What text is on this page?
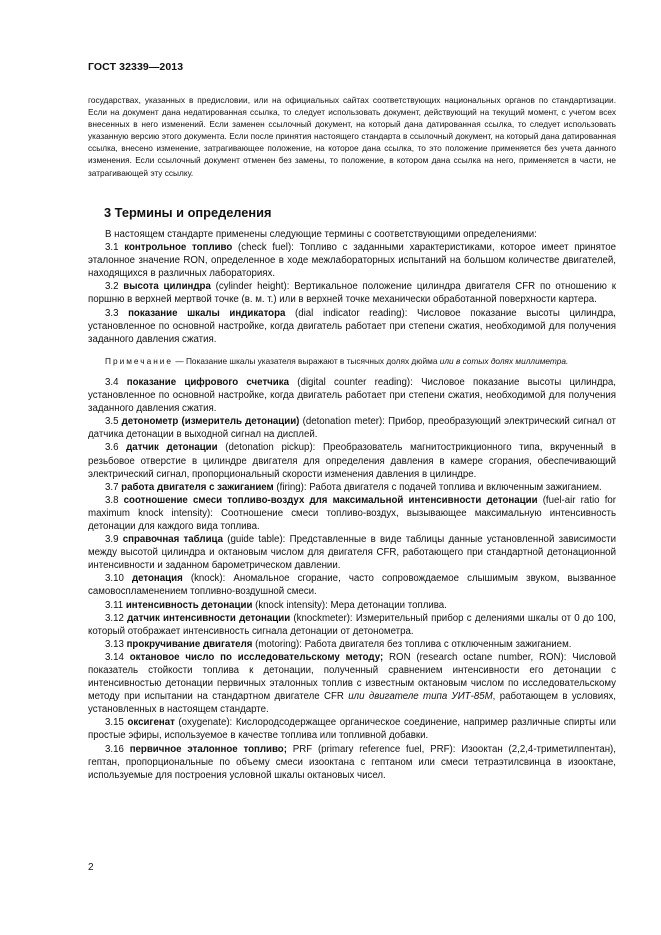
ГОСТ 32339—2013

государствах, указанных в предисловии, или на официальных сайтах соответствующих национальных органов по стандартизации. Если на документ дана недатированная ссылка, то следует использовать документ, действующий на текущий момент, с учетом всех внесенных в него изменений. Если заменен ссылочный документ, на который дана датированная ссылка, то следует использовать указанную версию этого документа. Если после принятия настоящего стандарта в ссылочный документ, на который дана датированная ссылка, внесено изменение, затрагивающее положение, на которое дана ссылка, то это положение применяется без учета данного изменения. Если ссылочный документ отменен без замены, то положение, в котором дана ссылка на него, применяется в части, не затрагивающей эту ссылку.

3 Термины и определения

В настоящем стандарте применены следующие термины с соответствующими определениями:

3.1 контрольное топливо (check fuel): Топливо с заданными характеристиками, которое имеет принятое эталонное значение RON, определенное в ходе межлабораторных испытаний на большом количестве двигателей, находящихся в различных лабораториях.

3.2 высота цилиндра (cylinder height): Вертикальное положение цилиндра двигателя CFR по отношению к поршню в верхней мертвой точке (в. м. т.) или в верхней точке механически обработанной поверхности картера.

3.3 показание шкалы индикатора (dial indicator reading): Числовое показание высоты цилиндра, установленное по основной настройке, когда двигатель работает при степени сжатия, необходимой для получения заданного давления сжатия.

Примечание — Показание шкалы указателя выражают в тысячных долях дюйма или в сотых долях миллиметра.

3.4 показание цифрового счетчика (digital counter reading): Числовое показание высоты цилиндра, установленное по основной настройке, когда двигатель работает при степени сжатия, необходимой для получения заданного давления сжатия.

3.5 детонометр (измеритель детонации) (detonation meter): Прибор, преобразующий электрический сигнал от датчика детонации в выходной сигнал на дисплей.

3.6 датчик детонации (detonation pickup): Преобразователь магнитострикционного типа, вкрученный в резьбовое отверстие в цилиндре двигателя для определения давления в камере сгорания, обеспечивающий электрический сигнал, пропорциональный скорости изменения давления в цилиндре.

3.7 работа двигателя с зажиганием (firing): Работа двигателя с подачей топлива и включенным зажиганием.

3.8 соотношение смеси топливо-воздух для максимальной интенсивности детонации (fuel-air ratio for maximum knock intensity): Соотношение смеси топливо-воздух, вызывающее максимальную интенсивность детонации для каждого вида топлива.

3.9 справочная таблица (guide table): Представленные в виде таблицы данные установленной зависимости между высотой цилиндра и октановым числом для двигателя CFR, работающего при стандартной детонационной интенсивности и заданном барометрическом давлении.

3.10 детонация (knock): Аномальное сгорание, часто сопровождаемое слышимым звуком, вызванное самовоспламенением топливно-воздушной смеси.

3.11 интенсивность детонации (knock intensity): Мера детонации топлива.

3.12 датчик интенсивности детонации (knockmeter): Измерительный прибор с делениями шкалы от 0 до 100, который отображает интенсивность сигнала детонации от детонометра.

3.13 прокручивание двигателя (motoring): Работа двигателя без топлива с отключенным зажиганием.

3.14 октановое число по исследовательскому методу; RON (research octane number, RON): Числовой показатель стойкости топлива к детонации, полученный сравнением интенсивности его детонации с интенсивностью детонации первичных эталонных топлив с известным октановым числом по исследовательскому методу при испытании на стандартном двигателе CFR или двигателе типа УИТ-85М, работающем в условиях, установленных в настоящем стандарте.

3.15 оксигенат (oxygenate): Кислородсодержащее органическое соединение, например различные спирты или простые эфиры, используемое в качестве топлива или топливной добавки.

3.16 первичное эталонное топливо; PRF (primary reference fuel, PRF): Изооктан (2,2,4-триметилпентан), гептан, пропорциональные по объему смеси изооктана с гептаном или смеси тетраэтилсвинца в изооктане, используемые для построения условной шкалы октановых чисел.

2
